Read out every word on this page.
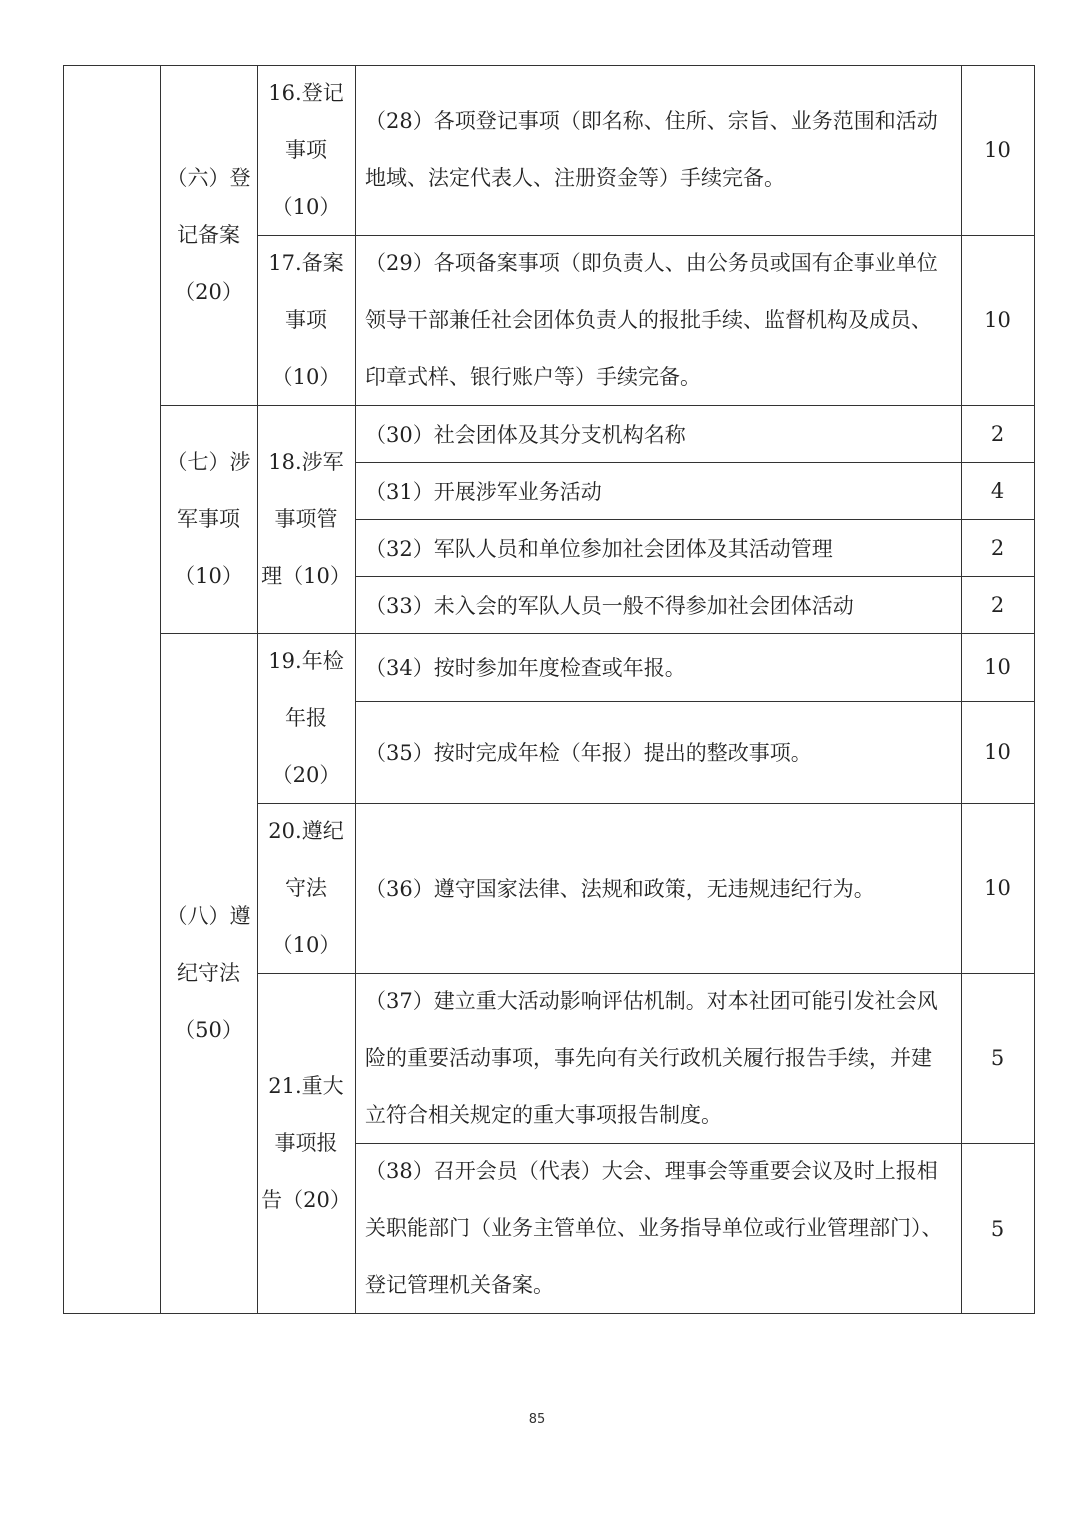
（六）登
记备案
（20）
（七）涉
军事项
（10）
（八）遵
纪守法
（50）
16.登记
事项
（10）
17.备案
事项
（10）
18.涉军
事项管
理（10）
19.年检
年报
（20）
20.遵纪
守法
（10）
21.重大
事项报
告（20）
（28）各项登记事项（即名称、住所、宗旨、业务范围和活动
地域、法定代表人、注册资金等）手续完备。
（29）各项备案事项（即负责人、由公务员或国有企事业单位
领导干部兼任社会团体负责人的报批手续、监督机构及成员、
印章式样、银行账户等）手续完备。
（30）社会团体及其分支机构名称
（31）开展涉军业务活动
（32）军队人员和单位参加社会团体及其活动管理
（33）未入会的军队人员一般不得参加社会团体活动
（34）按时参加年度检查或年报。
（35）按时完成年检（年报）提出的整改事项。
（36）遵守国家法律、法规和政策，无违规违纪行为。
（37）建立重大活动影响评估机制。对本社团可能引发社会风
险的重要活动事项，事先向有关行政机关履行报告手续，并建
立符合相关规定的重大事项报告制度。
（38）召开会员（代表）大会、理事会等重要会议及时上报相
关职能部门（业务主管单位、业务指导单位或行业管理部门）、
登记管理机关备案。
10
10
2
4
2
2
10
10
10
5
5
85
